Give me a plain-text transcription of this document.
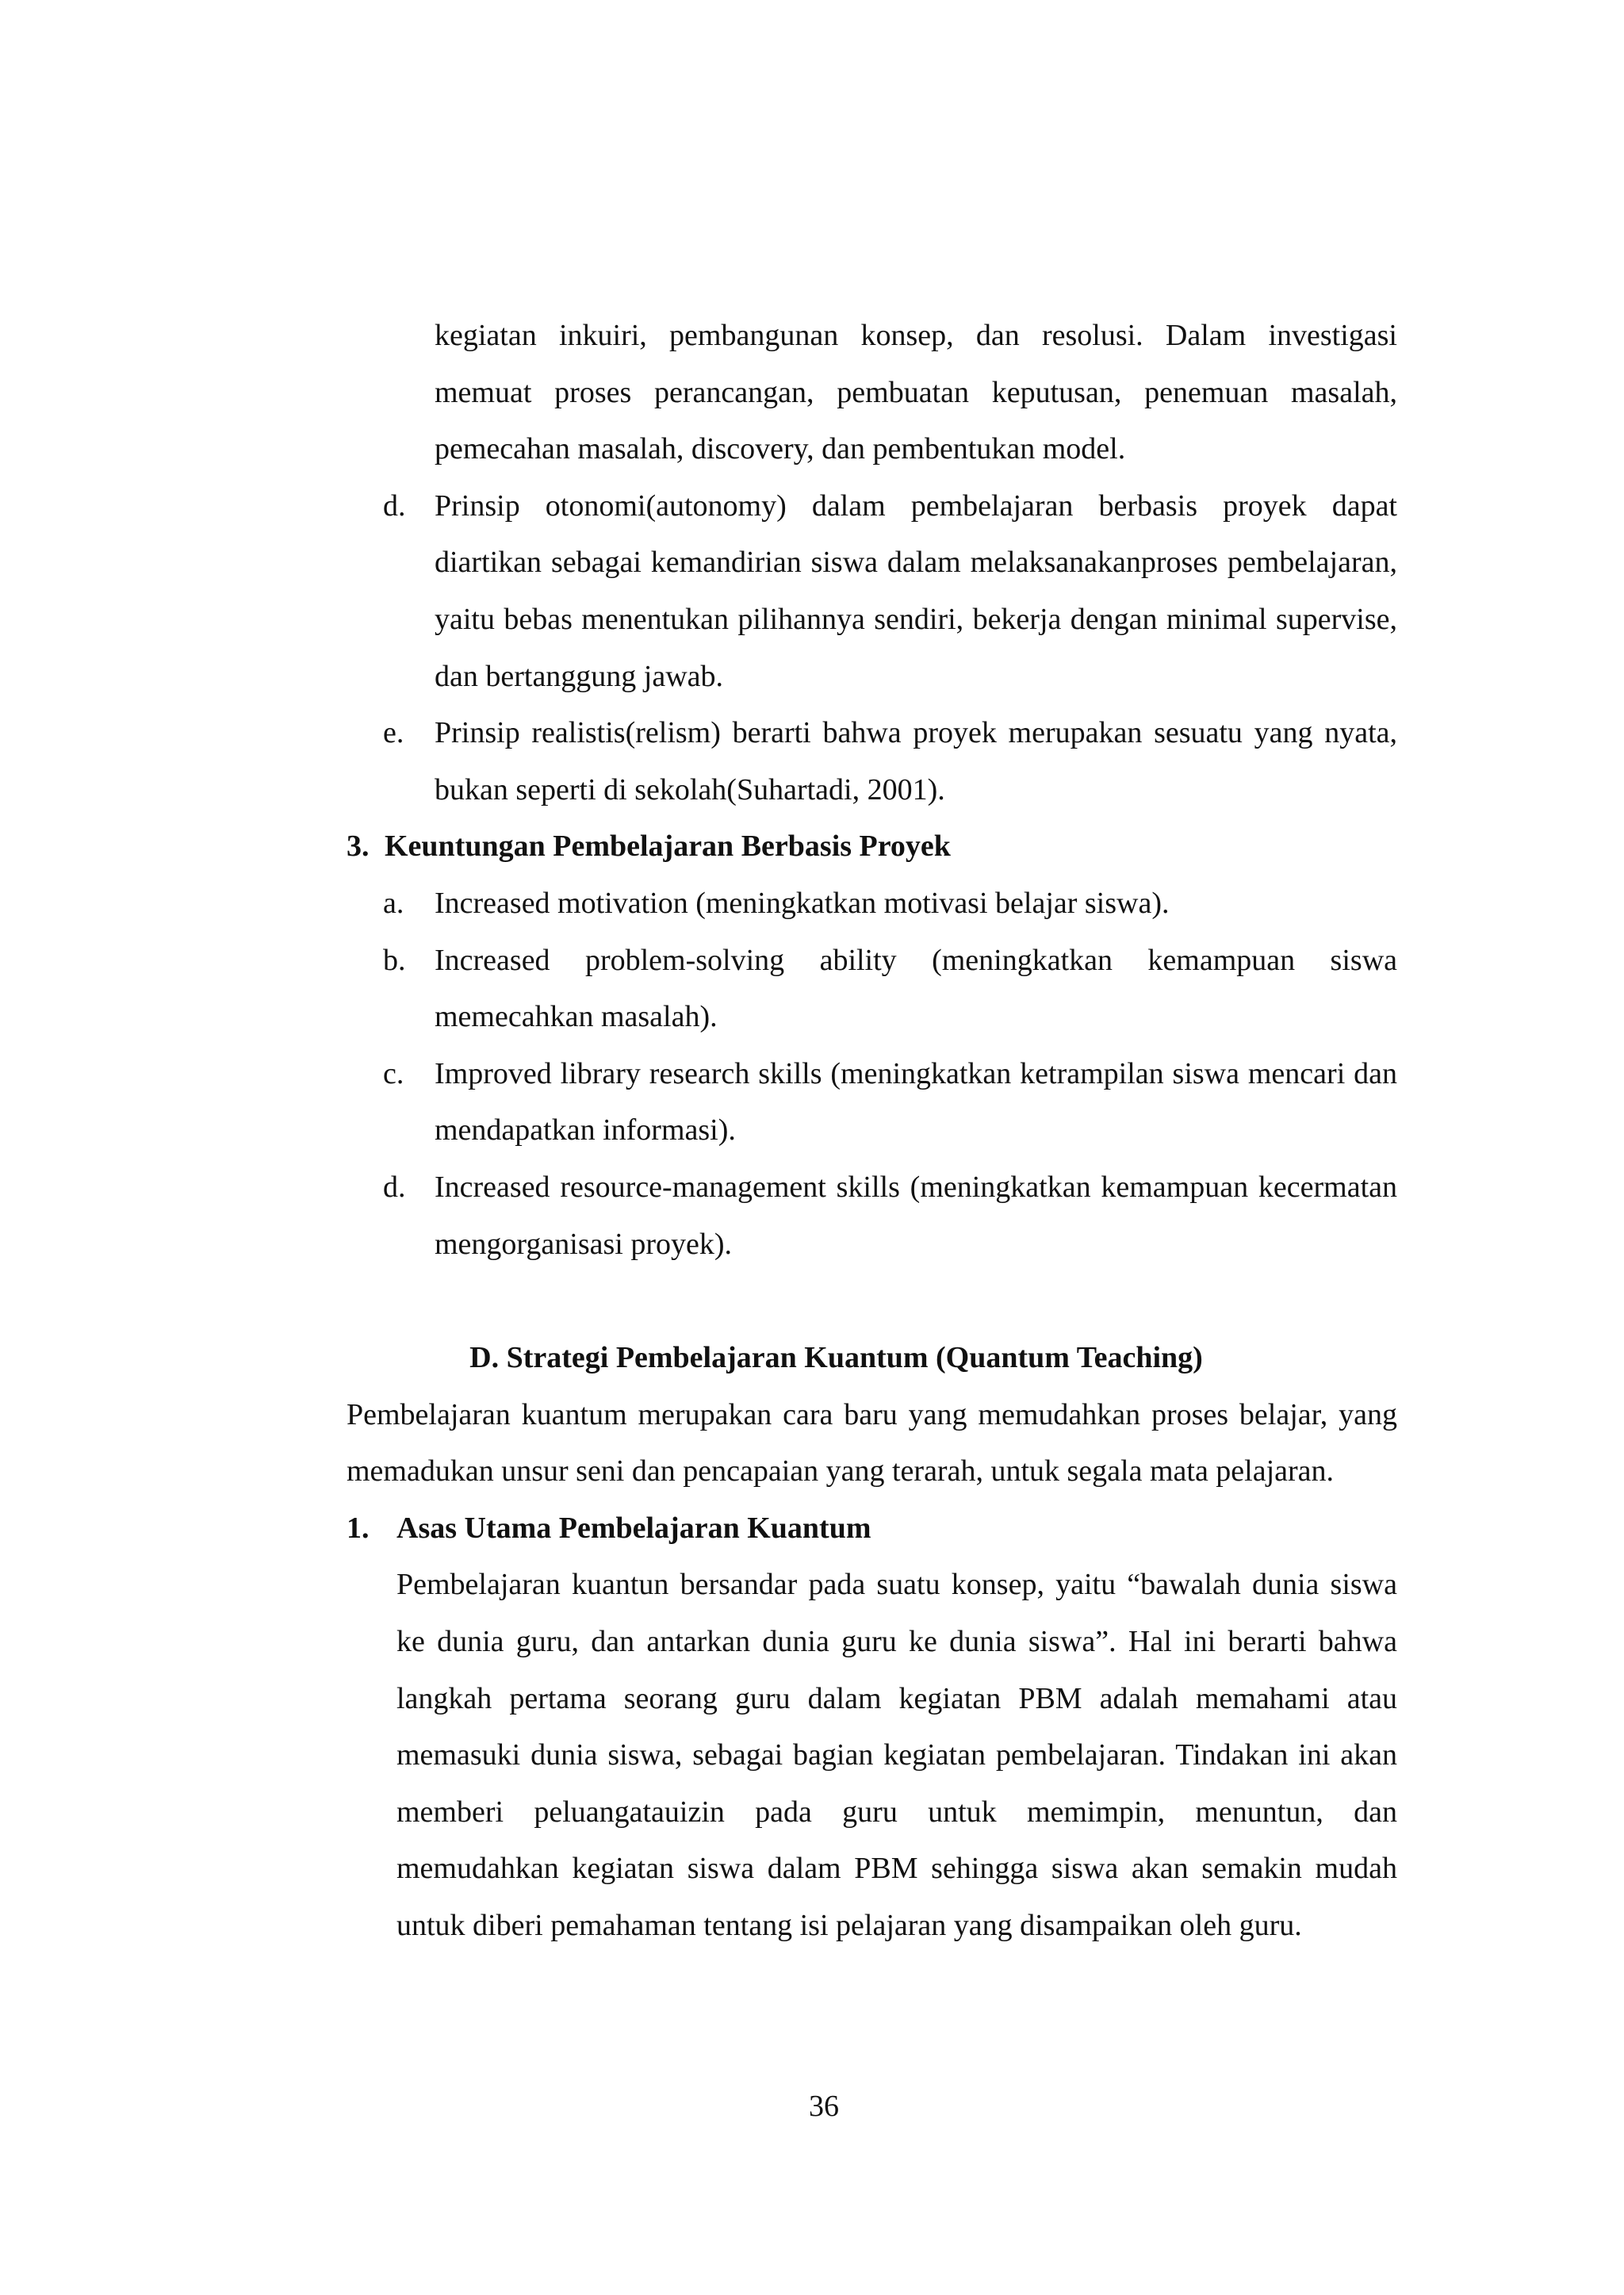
kegiatan inkuiri, pembangunan konsep, dan resolusi. Dalam investigasi memuat proses perancangan, pembuatan keputusan, penemuan masalah, pemecahan masalah, discovery, dan pembentukan model.

d. Prinsip otonomi(autonomy) dalam pembelajaran berbasis proyek dapat diartikan sebagai kemandirian siswa dalam melaksanakanproses pembelajaran, yaitu bebas menentukan pilihannya sendiri, bekerja dengan minimal supervise, dan bertanggung jawab.

e. Prinsip realistis(relism) berarti bahwa proyek merupakan sesuatu yang nyata, bukan seperti di sekolah(Suhartadi, 2001).

3. Keuntungan Pembelajaran Berbasis Proyek

a. Increased motivation (meningkatkan motivasi belajar siswa).

b. Increased problem-solving ability (meningkatkan kemampuan siswa memecahkan masalah).

c. Improved library research skills (meningkatkan ketrampilan siswa mencari dan mendapatkan informasi).

d. Increased resource-management skills (meningkatkan kemampuan kecermatan mengorganisasi proyek).

D. Strategi Pembelajaran Kuantum (Quantum Teaching)

Pembelajaran kuantum merupakan cara baru yang memudahkan proses belajar, yang memadukan unsur seni dan pencapaian yang terarah, untuk segala mata pelajaran.

1. Asas Utama Pembelajaran Kuantum

Pembelajaran kuantun bersandar pada suatu konsep, yaitu “bawalah dunia siswa ke dunia guru, dan antarkan dunia guru ke dunia siswa”. Hal ini berarti bahwa langkah pertama seorang guru dalam kegiatan PBM adalah memahami atau memasuki dunia siswa, sebagai bagian kegiatan pembelajaran. Tindakan ini akan memberi peluangatauizin pada guru untuk memimpin, menuntun, dan memudahkan kegiatan siswa dalam PBM sehingga siswa akan semakin mudah untuk diberi pemahaman tentang isi pelajaran yang disampaikan oleh guru.

36
